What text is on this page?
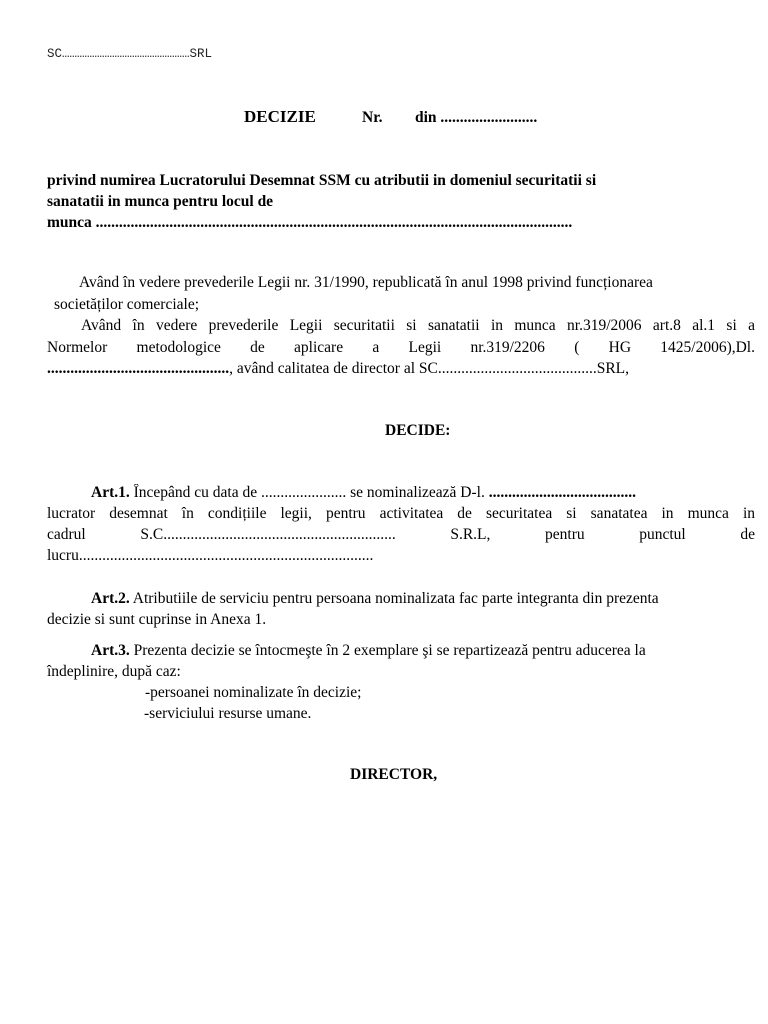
SC……………………………………………SRL
DECIZIE	Nr. din .........................
privind numirea Lucratorului Desemnat SSM cu atributii in domeniul securitatii si
sanatatii in munca pentru locul de
munca ...........................................................................................................................
Având în vedere prevederile Legii nr. 31/1990, republicată în anul 1998 privind funcționarea
societăților comerciale;
Având în vedere prevederile Legii securitatii si sanatatii in munca nr.319/2006 art.8 al.1 si a
Normelor metodologice de aplicare a Legii nr.319/2206 ( HG 1425/2006),Dl.
..............................................., având calitatea de director al SC.........................................SRL,
DECIDE:
Art.1. Începând cu data de ...................... se nominalizează D-l. ......................................
lucrator desemnat în condițiile legii, pentru activitatea de securitatea si sanatatea in munca in
cadrul S.C............................................................ S.R.L, pentru punctul de
lucru............................................................................
Art.2. Atributiile de serviciu pentru persoana nominalizata fac parte integranta din prezenta
decizie si sunt cuprinse in Anexa 1.
Art.3. Prezenta decizie se întocmeşte în 2 exemplare şi se repartizează pentru aducerea la
îndeplinire, după caz:
-persoanei nominalizate în decizie;
-serviciului resurse umane.
DIRECTOR,
